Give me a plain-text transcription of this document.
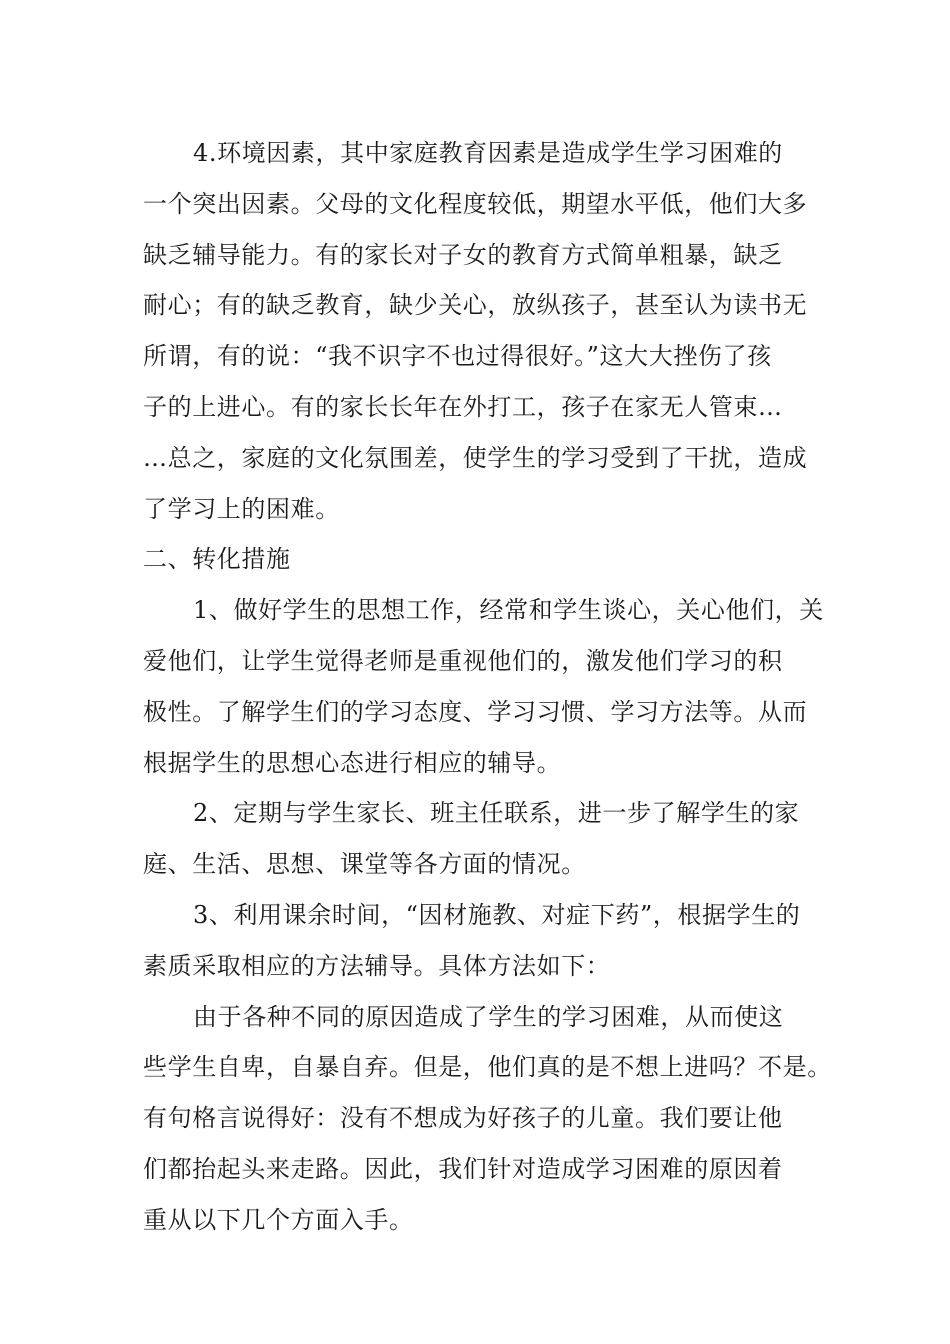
4.环境因素，其中家庭教育因素是造成学生学习困难的
一个突出因素。父母的文化程度较低，期望水平低，他们大多
缺乏辅导能力。有的家长对子女的教育方式简单粗暴，缺乏
耐心；有的缺乏教育，缺少关心，放纵孩子，甚至认为读书无
所谓，有的说：“我不识字不也过得很好。”这大大挫伤了孩
子的上进心。有的家长长年在外打工，孩子在家无人管束…
…总之，家庭的文化氛围差，使学生的学习受到了干扰，造成
了学习上的困难。
二、转化措施
1、做好学生的思想工作，经常和学生谈心，关心他们，关
爱他们，让学生觉得老师是重视他们的，激发他们学习的积
极性。了解学生们的学习态度、学习习惯、学习方法等。从而
根据学生的思想心态进行相应的辅导。
2、定期与学生家长、班主任联系，进一步了解学生的家
庭、生活、思想、课堂等各方面的情况。
3、利用课余时间，“因材施教、对症下药”，根据学生的
素质采取相应的方法辅导。具体方法如下：
由于各种不同的原因造成了学生的学习困难，从而使这
些学生自卑，自暴自弃。但是，他们真的是不想上进吗？不是。
有句格言说得好：没有不想成为好孩子的儿童。我们要让他
们都抬起头来走路。因此，我们针对造成学习困难的原因着
重从以下几个方面入手。
